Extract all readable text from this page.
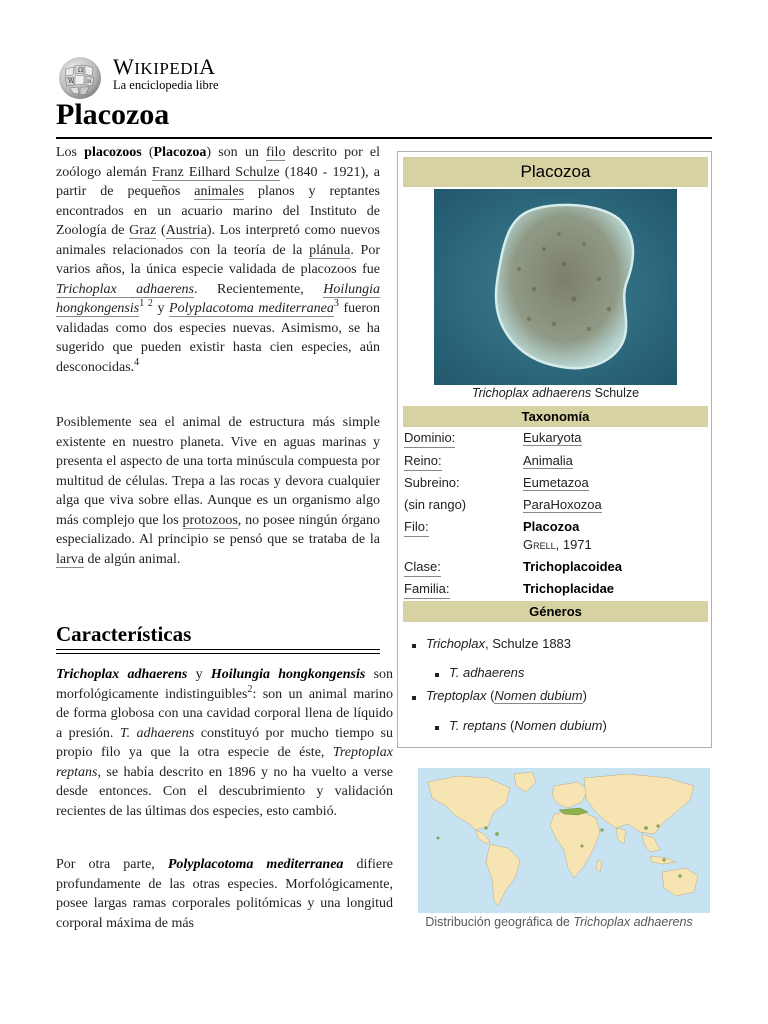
Ω
W	И
WIKIPEDIA
La enciclopedia libre
Placozoa

Los placozoos (Placozoa) son un filo descrito por el zoólogo alemán Franz Eilhard Schulze (1840 - 1921), a partir de pequeños animales planos y reptantes encontrados en un acuario marino del Instituto de Zoología de Graz (Austria). Los interpretó como nuevos animales relacionados con la teoría de la plánula. Por varios años, la única especie validada de placozoos fue Trichoplax adhaerens. Recientemente, Hoilungia hongkongensis$^{1 2}$ y Polyplacotoma mediterranea$^3$ fueron validadas como dos especies nuevas. Asimismo, se ha sugerido que pueden existir hasta cien especies, aún desconocidas.$^4$

Posiblemente sea el animal de estructura más simple existente en nuestro planeta. Vive en aguas marinas y presenta el aspecto de una torta minúscula compuesta por multitud de células. Trepa a las rocas y devora cualquier alga que viva sobre ellas. Aunque es un organismo algo más complejo que los protozoos, no posee ningún órgano especializado. Al principio se pensó que se trataba de la larva de algún animal.

Características

Trichoplax adhaerens y Hoilungia hongkongensis son morfológicamente indistinguibles$^2$: son un animal marino de forma globosa con una cavidad corporal llena de líquido a presión. T. adhaerens constituyó por mucho tiempo su propio filo ya que la otra especie de éste, Treptoplax reptans, se había descrito en 1896 y no ha vuelto a verse desde entonces. Con el descubrimiento y validación recientes de las últimas dos especies, esto cambió.

Por otra parte, Polyplacotoma mediterranea difiere profundamente de las otras especies. Morfológicamente, posee largas ramas corporales politómicas y una longitud corporal máxima de más

Placozoa
Trichoplax adhaerens Schulze
Taxonomía
Dominio:	Eukaryota
Reino:	Animalia
Subreino:	Eumetazoa
(sin rango)	ParaHoxozoa
Filo:	Placozoa
Grell, 1971
Clase:	Trichoplacoidea
Familia:	Trichoplacidae
Géneros
Trichoplax, Schulze 1883
T. adhaerens
Treptoplax (Nomen dubium)
T. reptans (Nomen dubium)
Distribución geográfica de Trichoplax adhaerens
